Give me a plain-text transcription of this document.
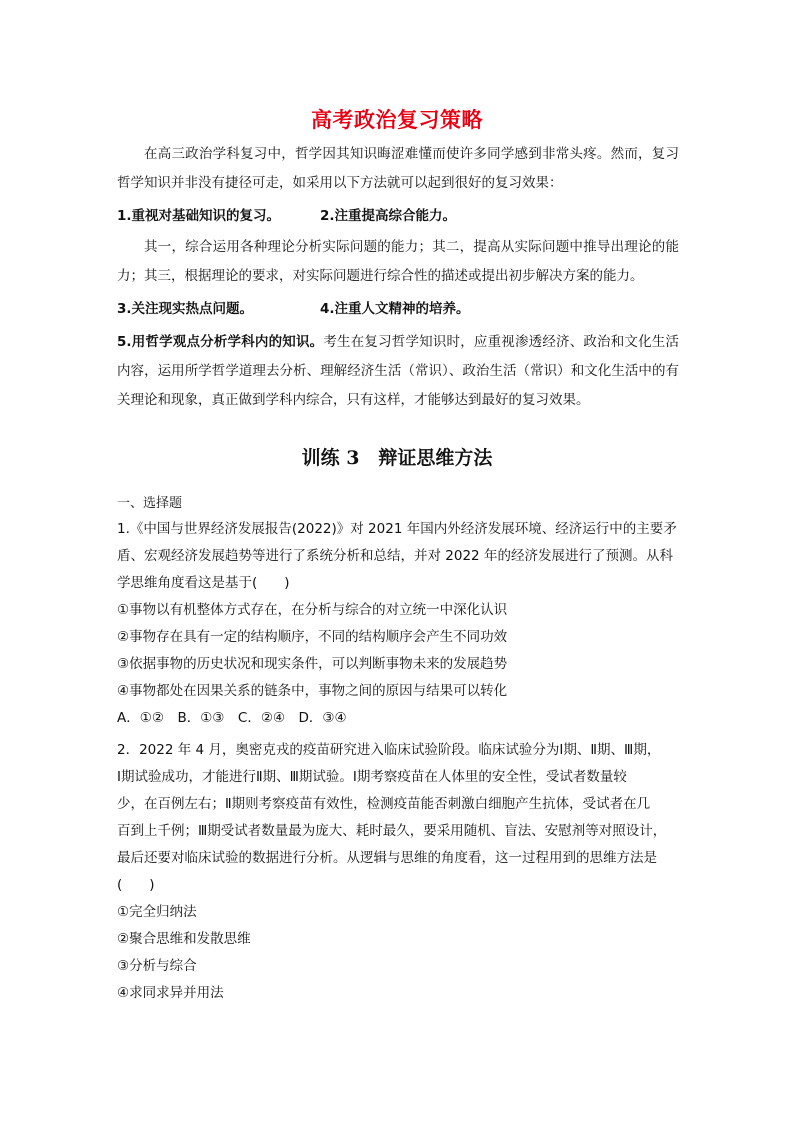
高考政治复习策略
在高三政治学科复习中，哲学因其知识晦涩难懂而使许多同学感到非常头疼。然而，复习哲学知识并非没有捷径可走，如采用以下方法就可以起到很好的复习效果：
1.重视对基础知识的复习。	2.注重提高综合能力。
其一，综合运用各种理论分析实际问题的能力；其二，提高从实际问题中推导出理论的能力；其三，根据理论的要求，对实际问题进行综合性的描述或提出初步解决方案的能力。
3.关注现实热点问题。	4.注重人文精神的培养。
5.用哲学观点分析学科内的知识。考生在复习哲学知识时，应重视渗透经济、政治和文化生活内容，运用所学哲学道理去分析、理解经济生活（常识）、政治生活（常识）和文化生活中的有关理论和现象，真正做到学科内综合，只有这样，才能够达到最好的复习效果。
训练 3　辩证思维方法
一、选择题
1.《中国与世界经济发展报告(2022)》对 2021 年国内外经济发展环境、经济运行中的主要矛
盾、宏观经济发展趋势等进行了系统分析和总结，并对 2022 年的经济发展进行了预测。从科
学思维角度看这是基于(　　)
①事物以有机整体方式存在，在分析与综合的对立统一中深化认识
②事物存在具有一定的结构顺序，不同的结构顺序会产生不同功效
③依据事物的历史状况和现实条件，可以判断事物未来的发展趋势
④事物都处在因果关系的链条中，事物之间的原因与结果可以转化
A．①②　B．①③　C．②④　D．③④
2．2022 年 4 月，奥密克戎的疫苗研究进入临床试验阶段。临床试验分为Ⅰ期、Ⅱ期、Ⅲ期，
Ⅰ期试验成功，才能进行Ⅱ期、Ⅲ期试验。Ⅰ期考察疫苗在人体里的安全性，受试者数量较
少，在百例左右；Ⅱ期则考察疫苗有效性，检测疫苗能否刺激白细胞产生抗体，受试者在几
百到上千例；Ⅲ期受试者数量最为庞大、耗时最久，要采用随机、盲法、安慰剂等对照设计，
最后还要对临床试验的数据进行分析。从逻辑与思维的角度看，这一过程用到的思维方法是
(　　)
①完全归纳法
②聚合思维和发散思维
③分析与综合
④求同求异并用法
